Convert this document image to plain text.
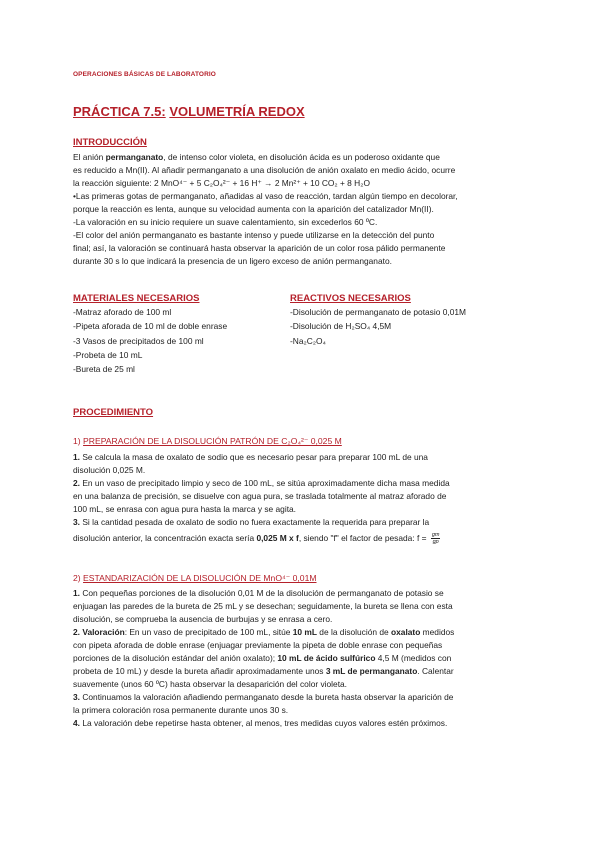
OPERACIONES BÁSICAS DE LABORATORIO
PRÁCTICA 7.5: VOLUMETRÍA REDOX
INTRODUCCIÓN
El anión permanganato, de intenso color violeta, en disolución ácida es un poderoso oxidante que
es reducido a Mn(II). Al añadir permanganato a una disolución de anión oxalato en medio ácido, ocurre
la reacción siguiente: 2 MnO⁴⁻ + 5 C₂O₄²⁻ + 16 H⁺ → 2 Mn²⁺ + 10 CO₂ + 8 H₂O
•Las primeras gotas de permanganato, añadidas al vaso de reacción, tardan algún tiempo en decolorar,
porque la reacción es lenta, aunque su velocidad aumenta con la aparición del catalizador Mn(II).
-La valoración en su inicio requiere un suave calentamiento, sin excederlos 60 ºC.
-El color del anión permanganato es bastante intenso y puede utilizarse en la detección del punto
final; así, la valoración se continuará hasta observar la aparición de un color rosa pálido permanente
durante 30 s lo que indicará la presencia de un ligero exceso de anión permanganato.
MATERIALES NECESARIOS
-Matraz aforado de 100 ml
-Pipeta aforada de 10 ml de doble enrase
-3 Vasos de precipitados de 100 ml
-Probeta de 10 mL
-Bureta de 25 ml
REACTIVOS NECESARIOS
-Disolución de permanganato de potasio 0,01M
-Disolución de H₂SO₄ 4,5M
-Na₂C₂O₄
PROCEDIMIENTO
1) PREPARACIÓN DE LA DISOLUCIÓN PATRÓN DE C₂O₄²⁻ 0,025 M
1. Se calcula la masa de oxalato de sodio que es necesario pesar para preparar 100 mL de una
disolución 0,025 M.
2. En un vaso de precipitado limpio y seco de 100 mL, se sitúa aproximadamente dicha masa medida
en una balanza de precisión, se disuelve con agua pura, se traslada totalmente al matraz aforado de
100 mL, se enrasa con agua pura hasta la marca y se agita.
3. Si la cantidad pesada de oxalato de sodio no fuera exactamente la requerida para preparar la
disolución anterior, la concentración exacta sería 0,025 M x f, siendo "f" el factor de pesada: $f = \frac{gm}{gp}$
2) ESTANDARIZACIÓN DE LA DISOLUCIÓN DE MnO⁴⁻ 0,01M
1. Con pequeñas porciones de la disolución 0,01 M de la disolución de permanganato de potasio se
enjuagan las paredes de la bureta de 25 mL y se desechan; seguidamente, la bureta se llena con esta
disolución, se comprueba la ausencia de burbujas y se enrasa a cero.
2. Valoración: En un vaso de precipitado de 100 mL, sitúe 10 mL de la disolución de oxalato medidos
con pipeta aforada de doble enrase (enjuagar previamente la pipeta de doble enrase con pequeñas
porciones de la disolución estándar del anión oxalato); 10 mL de ácido sulfúrico 4,5 M (medidos con
probeta de 10 mL) y desde la bureta añadir aproximadamente unos 3 mL de permanganato. Calentar
suavemente (unos 60 ºC) hasta observar la desaparición del color violeta.
3. Continuamos la valoración añadiendo permanganato desde la bureta hasta observar la aparición de
la primera coloración rosa permanente durante unos 30 s.
4. La valoración debe repetirse hasta obtener, al menos, tres medidas cuyos valores estén próximos.
